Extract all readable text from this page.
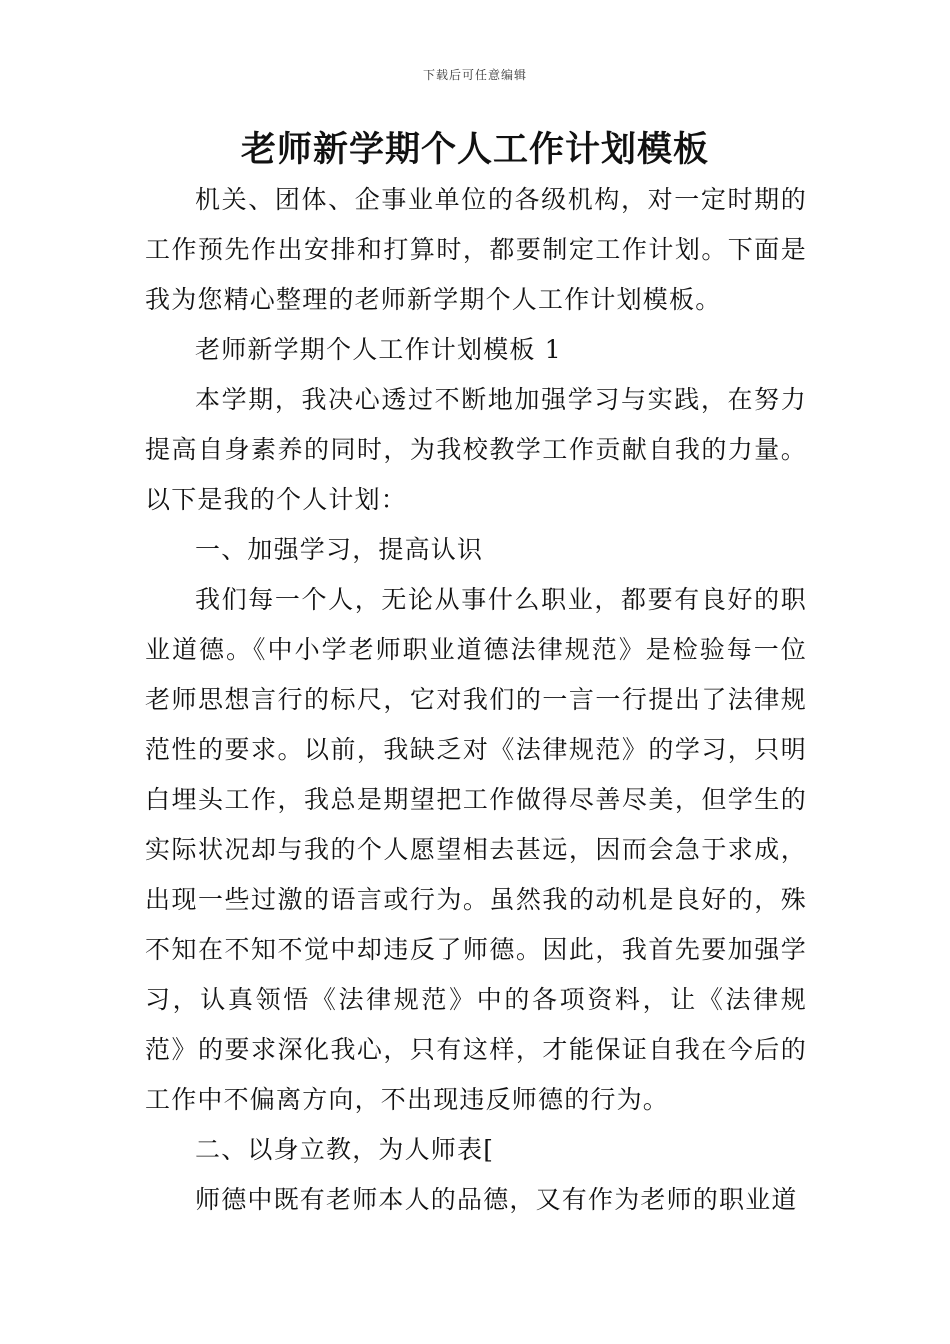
下载后可任意编辑
老师新学期个人工作计划模板

机关、团体、企事业单位的各级机构，对一定时期的工作预先作出安排和打算时，都要制定工作计划。下面是我为您精心整理的老师新学期个人工作计划模板。

老师新学期个人工作计划模板 1

本学期，我决心透过不断地加强学习与实践，在努力提高自身素养的同时，为我校教学工作贡献自我的力量。以下是我的个人计划：

一、加强学习，提高认识

我们每一个人，无论从事什么职业，都要有良好的职业道德。《中小学老师职业道德法律规范》是检验每一位老师思想言行的标尺，它对我们的一言一行提出了法律规范性的要求。以前，我缺乏对《法律规范》的学习，只明白埋头工作，我总是期望把工作做得尽善尽美，但学生的实际状况却与我的个人愿望相去甚远，因而会急于求成，出现一些过激的语言或行为。虽然我的动机是良好的，殊不知在不知不觉中却违反了师德。因此，我首先要加强学习，认真领悟《法律规范》中的各项资料，让《法律规范》的要求深化我心，只有这样，才能保证自我在今后的工作中不偏离方向，不出现违反师德的行为。

二、以身立教，为人师表[

师德中既有老师本人的品德，又有作为老师的职业道
